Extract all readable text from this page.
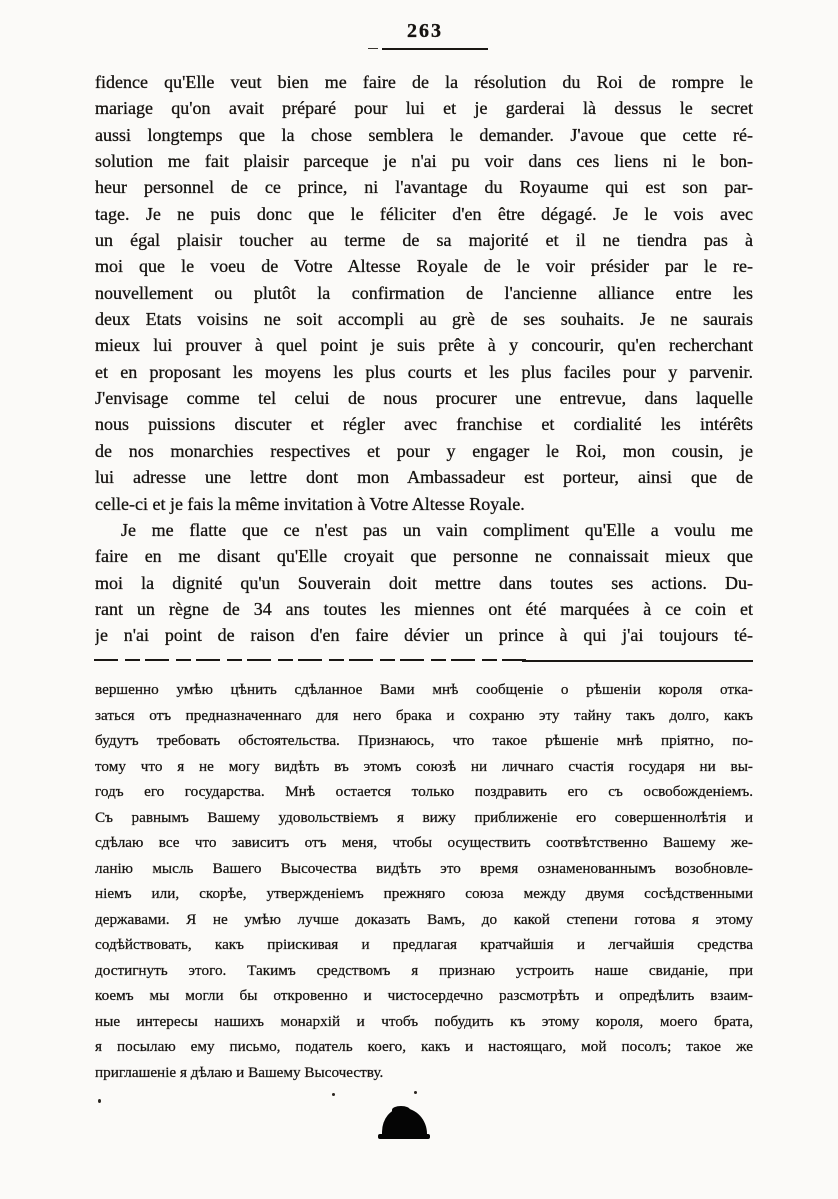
263
fidence qu'Elle veut bien me faire de la résolution du Roi de rompre le
mariage qu'on avait préparé pour lui et je garderai là dessus le secret
aussi longtemps que la chose semblera le demander. J'avoue que cette ré-
solution me fait plaisir parceque je n'ai pu voir dans ces liens ni le bon-
heur personnel de ce prince, ni l'avantage du Royaume qui est son par-
tage. Je ne puis donc que le féliciter d'en être dégagé. Je le vois avec
un égal plaisir toucher au terme de sa majorité et il ne tiendra pas à
moi que le voeu de Votre Altesse Royale de le voir présider par le re-
nouvellement ou plutôt la confirmation de l'ancienne alliance entre les
deux Etats voisins ne soit accompli au grè de ses souhaits. Je ne saurais
mieux lui prouver à quel point je suis prête à y concourir, qu'en recherchant
et en proposant les moyens les plus courts et les plus faciles pour y parvenir.
J'envisage comme tel celui de nous procurer une entrevue, dans laquelle
nous puissions discuter et régler avec franchise et cordialité les intérêts
de nos monarchies respectives et pour y engager le Roi, mon cousin, je
lui adresse une lettre dont mon Ambassadeur est porteur, ainsi que de
celle-ci et je fais la même invitation à Votre Altesse Royale.
Je me flatte que ce n'est pas un vain compliment qu'Elle a voulu me
faire en me disant qu'Elle croyait que personne ne connaissait mieux que
moi la dignité qu'un Souverain doit mettre dans toutes ses actions. Du-
rant un règne de 34 ans toutes les miennes ont été marquées à ce coin et
je n'ai point de raison d'en faire dévier un prince à qui j'ai toujours té-
вершенно умѣю цѣнить сдѣланное Вами мнѣ сообщеніе о рѣшеніи короля отка-
заться отъ предназначеннаго для него брака и сохраню эту тайну такъ долго, какъ
будутъ требовать обстоятельства. Признаюсь, что такое рѣшеніе мнѣ пріятно, по-
тому что я не могу видѣть въ этомъ союзѣ ни личнаго счастія государя ни вы-
годъ его государства. Мнѣ остается только поздравить его съ освобожденіемъ.
Съ равнымъ Вашему удовольствіемъ я вижу приближеніе его совершеннолѣтія и
сдѣлаю все что зависитъ отъ меня, чтобы осуществить соотвѣтственно Вашему же-
ланію мысль Вашего Высочества видѣть это время ознаменованнымъ возобновле-
ніемъ или, скорѣе, утвержденіемъ прежняго союза между двумя сосѣдственными
державами. Я не умѣю лучше доказать Вамъ, до какой степени готова я этому
содѣйствовать, какъ пріискивая и предлагая кратчайшія и легчайшія средства
достигнуть этого. Такимъ средствомъ я признаю устроить наше свиданіе, при
коемъ мы могли бы откровенно и чистосердечно разсмотрѣть и опредѣлить взаим-
ные интересы нашихъ монархій и чтобъ побудить къ этому короля, моего брата,
я посылаю ему письмо, податель коего, какъ и настоящаго, мой посолъ; такое же
приглашеніе я дѣлаю и Вашему Высочеству.
